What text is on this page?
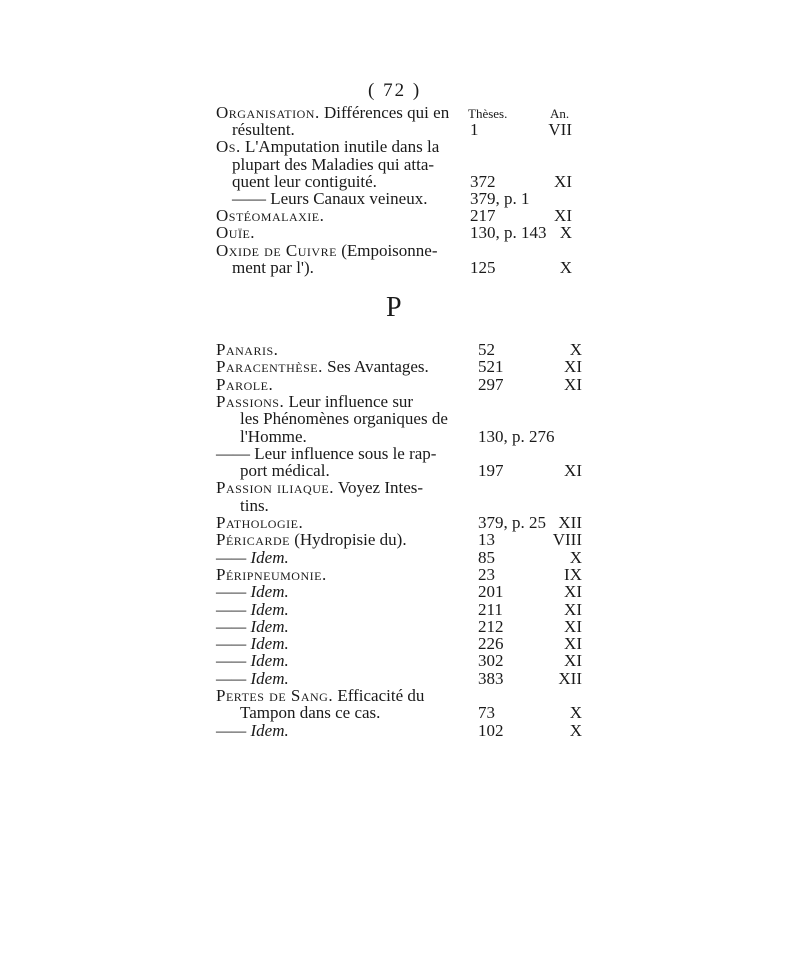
( 72 )
Thèses.	An.
Organisation. Différences qui en
résultent.	1	VII
Os. L'Amputation inutile dans la
plupart des Maladies qui atta-
quent leur contiguité.	372	XI
—— Leurs Canaux veineux.	379, p. 1
Ostéomalaxie.	217	XI
Ouïe.	130, p. 143 X
Oxide de Cuivre (Empoisonne-
ment par l').	125	X
P
Panaris.	52	X
Paracenthèse. Ses Avantages.	521	XI
Parole.	297	XI
Passions. Leur influence sur
les Phénomènes organiques de
l'Homme.	130, p. 276
—— Leur influence sous le rap-
port médical.	197	XI
Passion iliaque. Voyez Intes-
tins.
Pathologie.	379, p. 25 XII
Péricarde (Hydropisie du).	13	VIII
—— Idem.	85	X
Péripneumonie.	23	IX
—— Idem.	201	XI
—— Idem.	211	XI
—— Idem.	212	XI
—— Idem.	226	XI
—— Idem.	302	XI
—— Idem.	383	XII
Pertes de Sang. Efficacité du
Tampon dans ce cas.	73	X
—— Idem.	102	X
